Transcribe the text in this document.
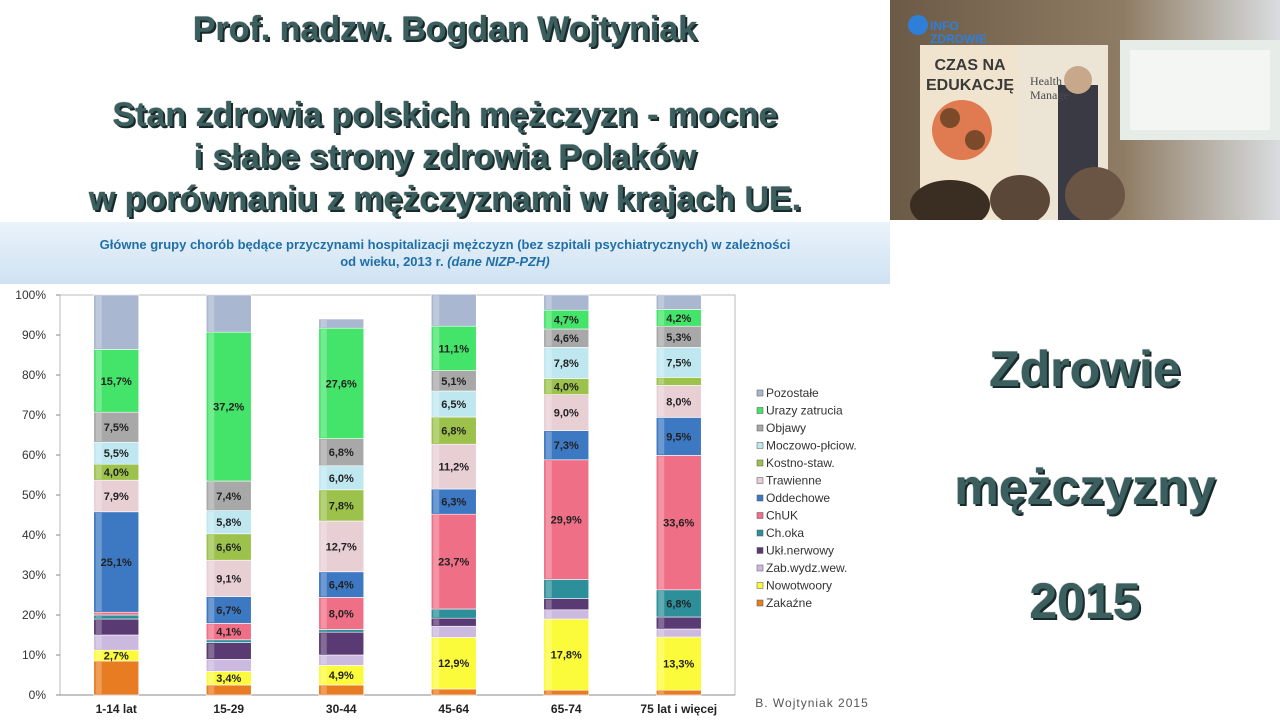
Prof. nadzw. Bogdan Wojtyniak
Stan zdrowia polskich mężczyzn - mocne
i słabe strony zdrowia Polaków
w porównaniu z mężczyznami w krajach UE.
INFO
ZDROWIE
CZAS NA
EDUKACJĘ Health
Manage
Zdrowie
mężczyzny
2015
Główne grupy chorób będące przyczynami hospitalizacji mężczyzn (bez szpitali psychiatrycznych) w zależności
od wieku, 2013 r. (dane NIZP-PZH)
0%
10%
20%
30%
40%
50%
60%
70%
80%
90%
100%
1-14 lat	15-29	30-44	45-64	65-74	75 lat i więcej
2,7%
25,1%
7,9%
4,0%
5,5%
7,5%
15,7%
3,4%
4,1%
6,7%
9,1%
6,6%
5,8%
7,4%
37,2%
4,9%
8,0%
6,4%
12,7%
7,8%
6,0%
6,8%
27,6%
12,9%
23,7%
6,3%
11,2%
6,8%
6,5%
5,1%
11,1%
17,8%
29,9%
7,3%
9,0%
4,0%
7,8%
4,6%
4,7%
13,3%
6,8%
33,6%
9,5%
8,0%
7,5%
5,3%
4,2%
Pozostałe
Urazy zatrucia
Objawy
Moczowo-płciow.
Kostno-staw.
Trawienne
Oddechowe
ChUK
Ch.oka
Ukł.nerwowy
Zab.wydz.wew.
Nowotwoory
Zakaźne
B. Wojtyniak 2015
